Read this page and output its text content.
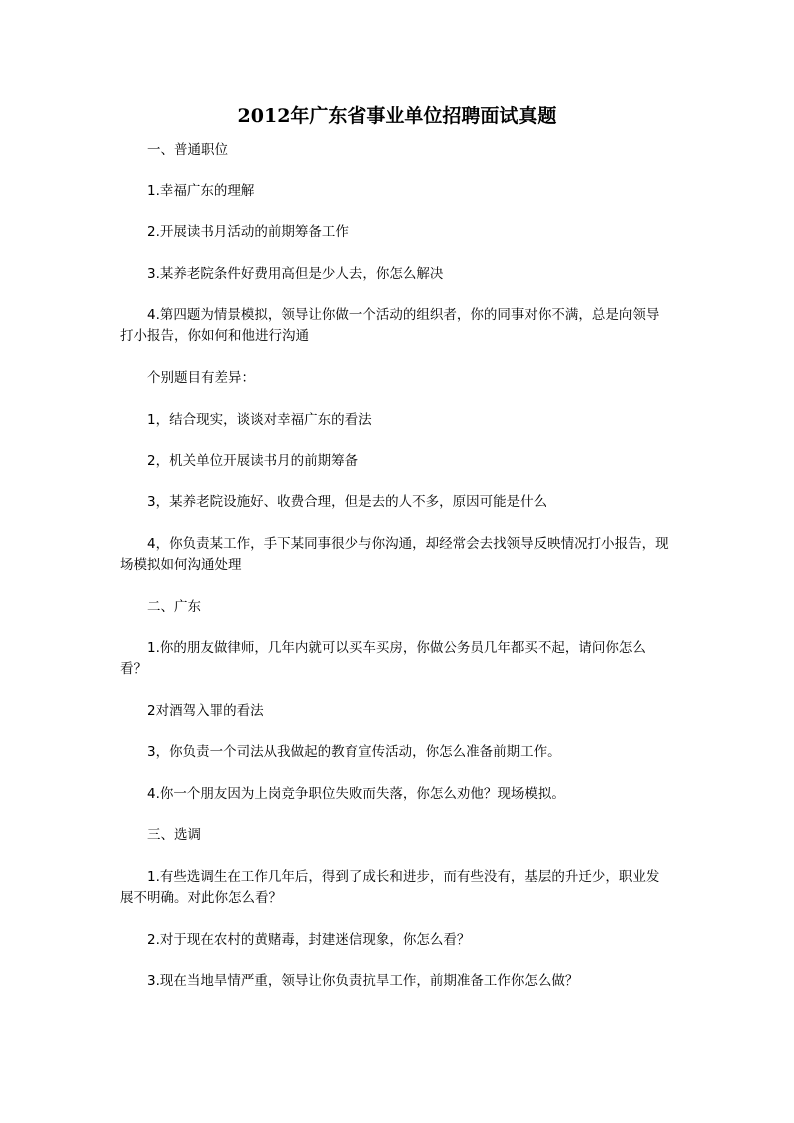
2012年广东省事业单位招聘面试真题

一、普通职位

1.幸福广东的理解

2.开展读书月活动的前期筹备工作

3.某养老院条件好费用高但是少人去，你怎么解决

4.第四题为情景模拟，领导让你做一个活动的组织者，你的同事对你不满，总是向领导打小报告，你如何和他进行沟通

个别题目有差异：

1，结合现实，谈谈对幸福广东的看法

2，机关单位开展读书月的前期筹备

3，某养老院设施好、收费合理，但是去的人不多，原因可能是什么

4，你负责某工作，手下某同事很少与你沟通，却经常会去找领导反映情况打小报告，现场模拟如何沟通处理

二、广东

1.你的朋友做律师，几年内就可以买车买房，你做公务员几年都买不起，请问你怎么看？

2对酒驾入罪的看法

3，你负责一个司法从我做起的教育宣传活动，你怎么准备前期工作。

4.你一个朋友因为上岗竞争职位失败而失落，你怎么劝他？现场模拟。

三、选调

1.有些选调生在工作几年后，得到了成长和进步，而有些没有，基层的升迁少，职业发展不明确。对此你怎么看？

2.对于现在农村的黄赌毒，封建迷信现象，你怎么看？

3.现在当地旱情严重，领导让你负责抗旱工作，前期准备工作你怎么做？
